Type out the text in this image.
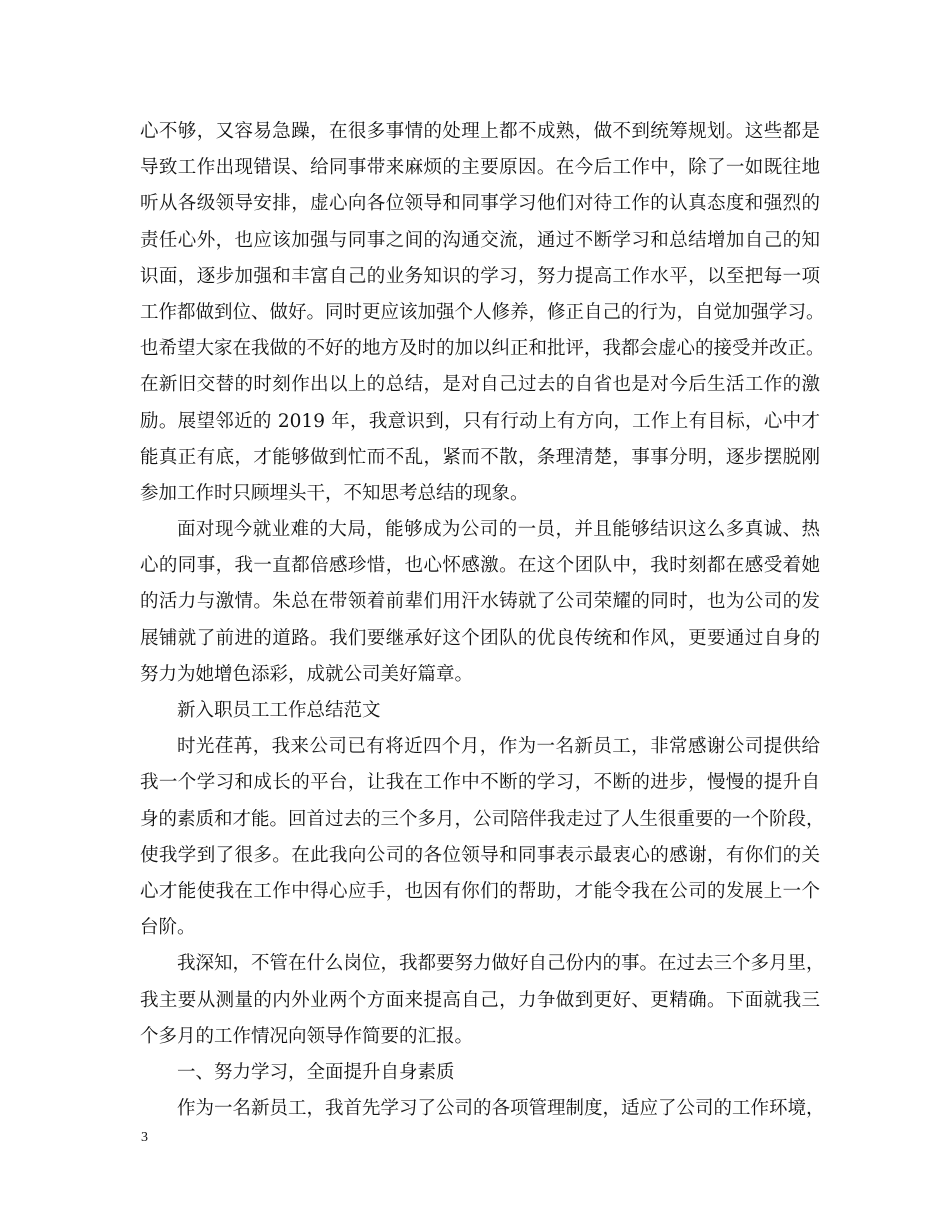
心不够，又容易急躁，在很多事情的处理上都不成熟，做不到统筹规划。这些都是
导致工作出现错误、给同事带来麻烦的主要原因。在今后工作中，除了一如既往地
听从各级领导安排，虚心向各位领导和同事学习他们对待工作的认真态度和强烈的
责任心外，也应该加强与同事之间的沟通交流，通过不断学习和总结增加自己的知
识面，逐步加强和丰富自己的业务知识的学习，努力提高工作水平，以至把每一项
工作都做到位、做好。同时更应该加强个人修养，修正自己的行为，自觉加强学习。
也希望大家在我做的不好的地方及时的加以纠正和批评，我都会虚心的接受并改正。
在新旧交替的时刻作出以上的总结，是对自己过去的自省也是对今后生活工作的激
励。展望邻近的 2019 年，我意识到，只有行动上有方向，工作上有目标，心中才
能真正有底，才能够做到忙而不乱，紧而不散，条理清楚，事事分明，逐步摆脱刚
参加工作时只顾埋头干，不知思考总结的现象。
面对现今就业难的大局，能够成为公司的一员，并且能够结识这么多真诚、热
心的同事，我一直都倍感珍惜，也心怀感激。在这个团队中，我时刻都在感受着她
的活力与激情。朱总在带领着前辈们用汗水铸就了公司荣耀的同时，也为公司的发
展铺就了前进的道路。我们要继承好这个团队的优良传统和作风，更要通过自身的
努力为她增色添彩，成就公司美好篇章。
新入职员工工作总结范文
时光荏苒，我来公司已有将近四个月，作为一名新员工，非常感谢公司提供给
我一个学习和成长的平台，让我在工作中不断的学习，不断的进步，慢慢的提升自
身的素质和才能。回首过去的三个多月，公司陪伴我走过了人生很重要的一个阶段，
使我学到了很多。在此我向公司的各位领导和同事表示最衷心的感谢，有你们的关
心才能使我在工作中得心应手，也因有你们的帮助，才能令我在公司的发展上一个
台阶。
我深知，不管在什么岗位，我都要努力做好自己份内的事。在过去三个多月里，
我主要从测量的内外业两个方面来提高自己，力争做到更好、更精确。下面就我三
个多月的工作情况向领导作简要的汇报。
一、努力学习，全面提升自身素质
作为一名新员工，我首先学习了公司的各项管理制度，适应了公司的工作环境，
3
